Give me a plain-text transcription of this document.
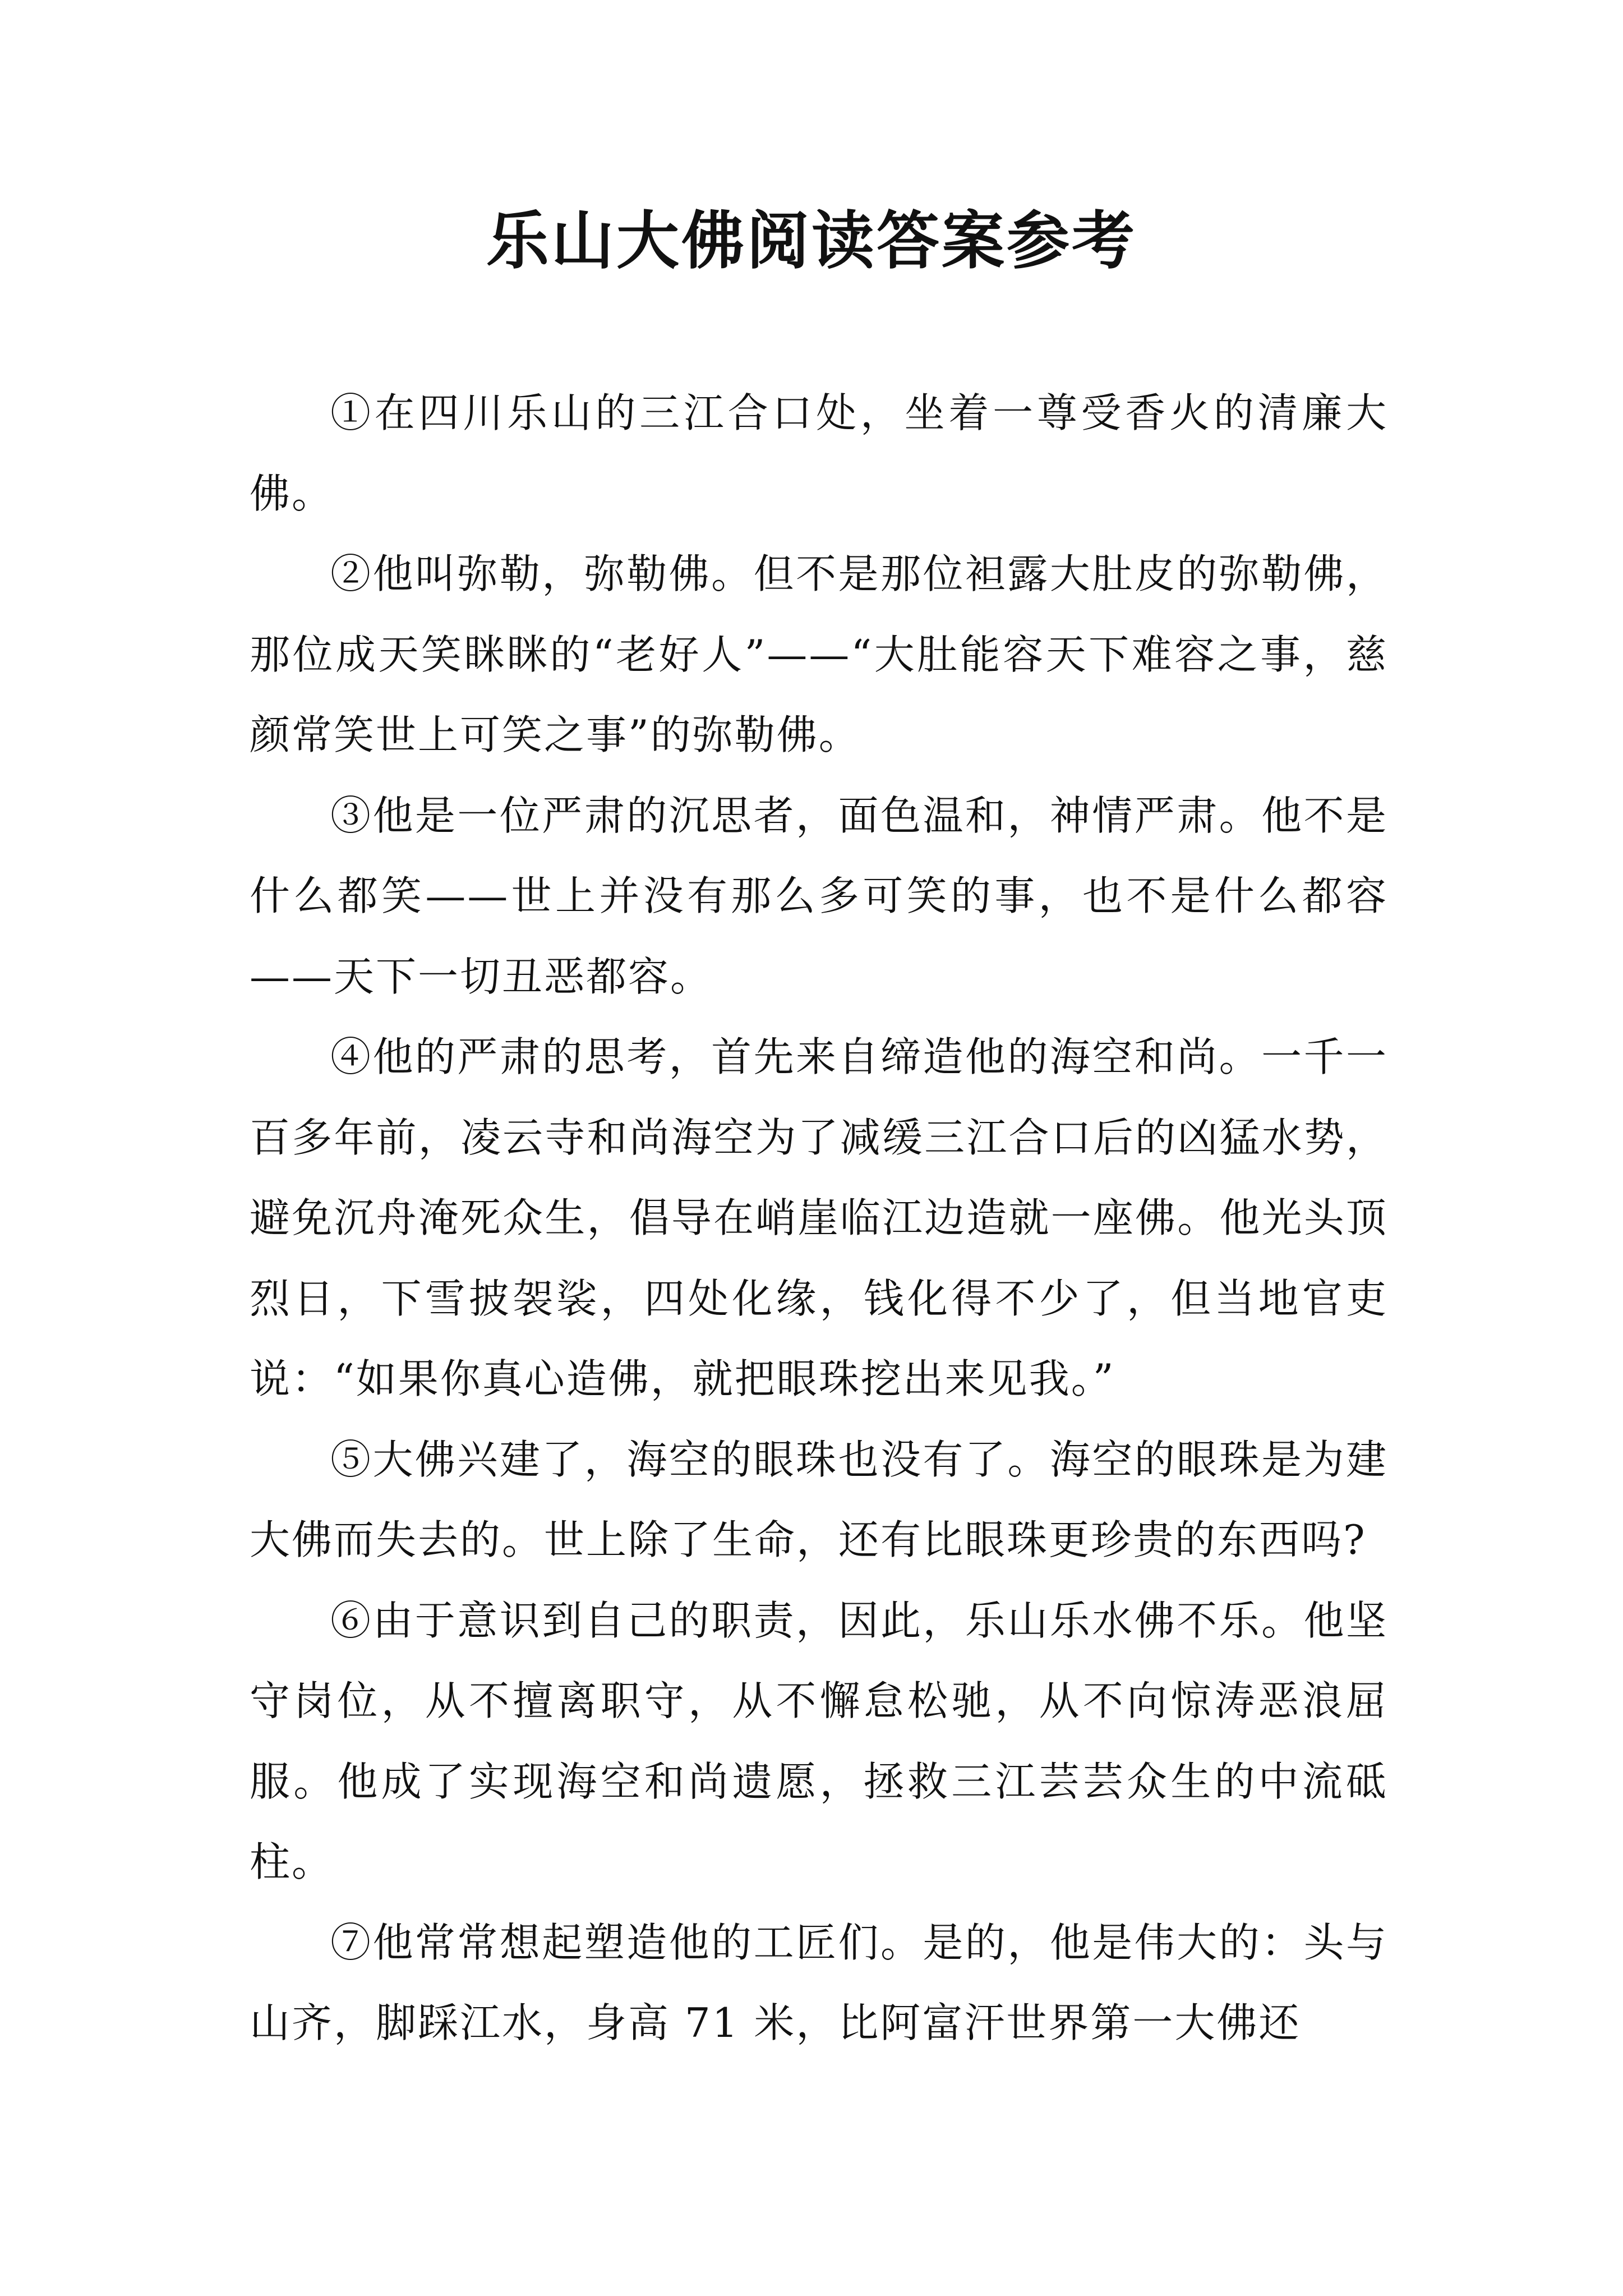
乐山大佛阅读答案参考

①在四川乐山的三江合口处，坐着一尊受香火的清廉大佛。

②他叫弥勒，弥勒佛。但不是那位袒露大肚皮的弥勒佛，那位成天笑眯眯的“老好人”——“大肚能容天下难容之事，慈颜常笑世上可笑之事”的弥勒佛。

③他是一位严肃的沉思者，面色温和，神情严肃。他不是什么都笑——世上并没有那么多可笑的事，也不是什么都容——天下一切丑恶都容。

④他的严肃的思考，首先来自缔造他的海空和尚。一千一百多年前，凌云寺和尚海空为了减缓三江合口后的凶猛水势，避免沉舟淹死众生，倡导在峭崖临江边造就一座佛。他光头顶烈日，下雪披袈裟，四处化缘，钱化得不少了，但当地官吏说：“如果你真心造佛，就把眼珠挖出来见我。”

⑤大佛兴建了，海空的眼珠也没有了。海空的眼珠是为建大佛而失去的。世上除了生命，还有比眼珠更珍贵的东西吗?

⑥由于意识到自己的职责，因此，乐山乐水佛不乐。他坚守岗位，从不擅离职守，从不懈怠松驰，从不向惊涛恶浪屈服。他成了实现海空和尚遗愿，拯救三江芸芸众生的中流砥柱。

⑦他常常想起塑造他的工匠们。是的，他是伟大的：头与山齐，脚踩江水，身高 71 米，比阿富汗世界第一大佛还
